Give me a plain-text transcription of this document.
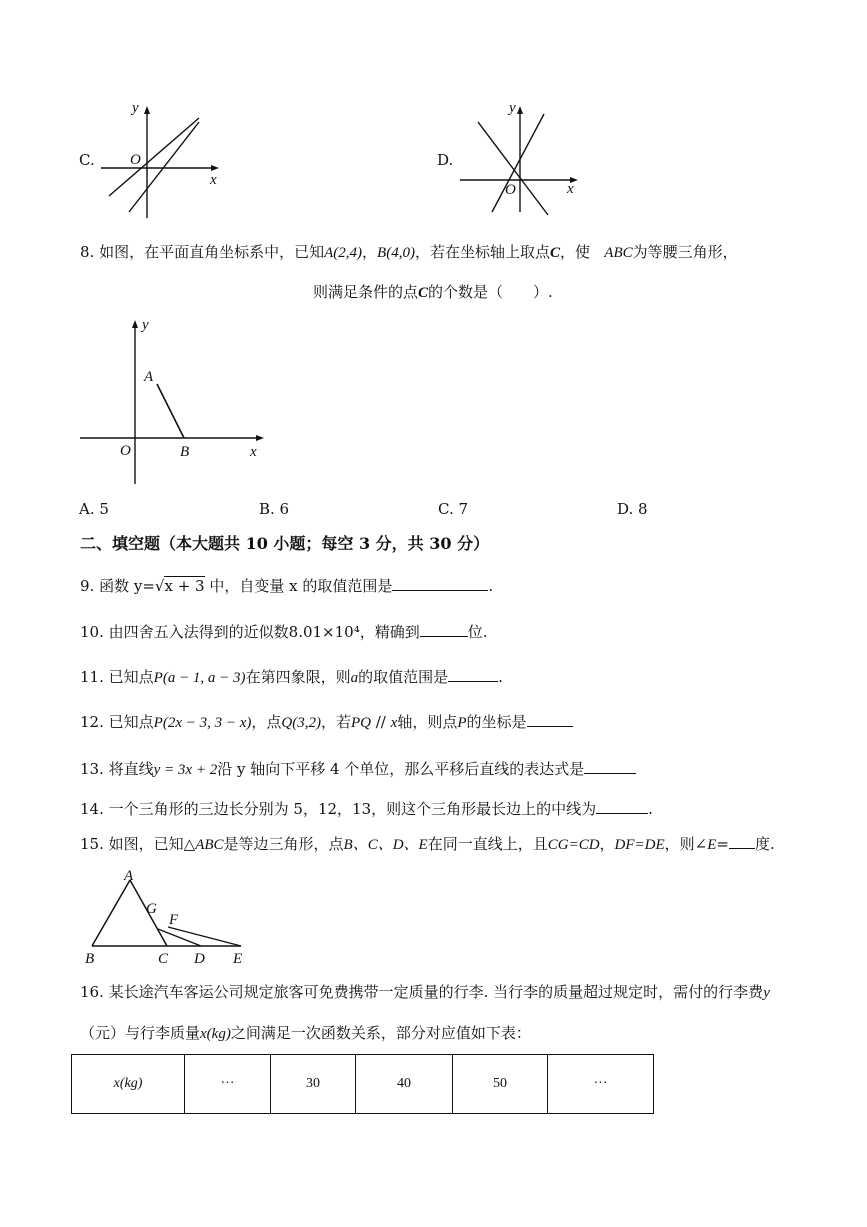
C.
y
O
x
D.
y
O	x
8. 如图，在平面直角坐标系中，已知A(2,4)，B(4,0)，若在坐标轴上取点C，使 ABC为等腰三角形，
则满足条件的点C的个数是（　　）.
y
A
O	B	x
A. 5	B. 6	C. 7	D. 8
二、填空题（本大题共 10 小题；每空 3 分，共 30 分）
9. 函数 y=√x + 3 中，自变量 x 的取值范围是	.
10. 由四舍五入法得到的近似数8.01×10⁴，精确到	位.
11. 已知点P(a − 1, a − 3)在第四象限，则a的取值范围是	.
12. 已知点P(2x − 3, 3 − x)，点Q(3,2)，若PQ // x轴，则点P的坐标是
13. 将直线y = 3x + 2沿 y 轴向下平移 4 个单位，那么平移后直线的表达式是
14. 一个三角形的三边长分别为 5，12，13，则这个三角形最长边上的中线为	.
15. 如图，已知△ABC是等边三角形，点B、C、D、E在同一直线上，且CG=CD，DF=DE，则∠E= 度.
A
G
F
B	C D E
16. 某长途汽车客运公司规定旅客可免费携带一定质量的行李. 当行李的质量超过规定时，需付的行李费y
（元）与行李质量x(kg)之间满足一次函数关系，部分对应值如下表：
x(kg)	···	30	40	50	···
